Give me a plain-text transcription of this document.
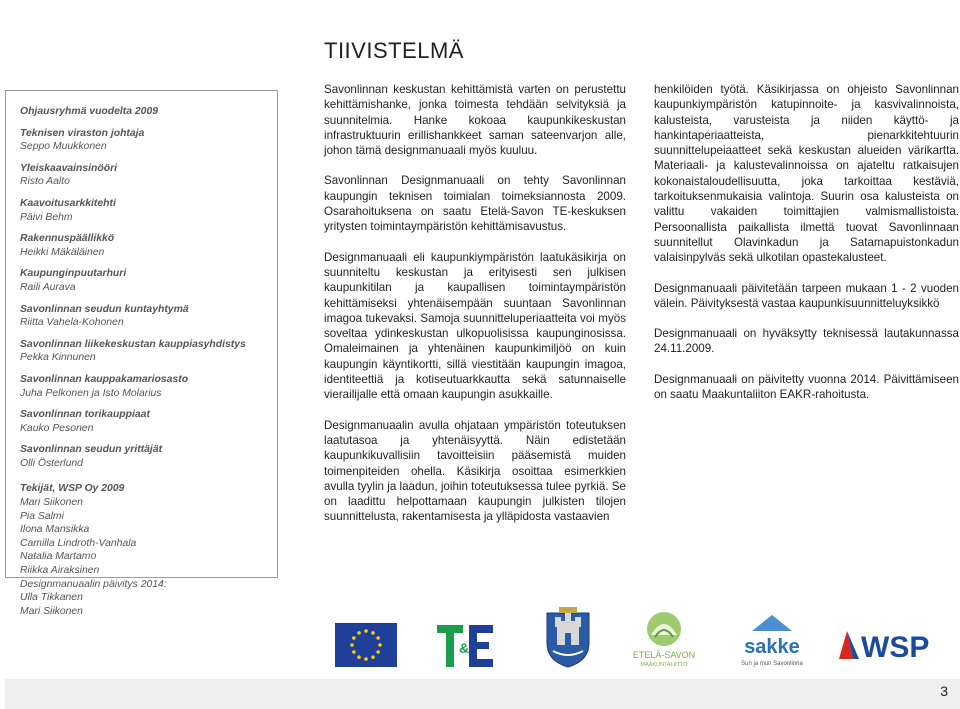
TIIVISTELMÄ

Ohjausryhmä vuodelta 2009

Teknisen viraston johtaja

Seppo Muukkonen

Yleiskaavainsinööri

Risto Aalto

Kaavoitusarkkitehti

Päivi Behm

Rakennuspäällikkö

Heikki Mäkäläinen

Kaupunginpuutarhuri

Raili Aurava

Savonlinnan seudun kuntayhtymä

Riitta Vahela-Kohonen

Savonlinnan liikekeskustan kauppiasyhdistys

Pekka Kinnunen

Savonlinnan kauppakamariosasto

Juha Pelkonen ja Isto Molarius

Savonlinnan torikauppiaat

Kauko Pesonen

Savonlinnan seudun yrittäjät

Olli Österlund

Tekijät, WSP Oy 2009

Mari Siikonen

Pia Salmi

Ilona Mansikka

Camilla Lindroth-Vanhala

Natalia Martamo

Riikka Airaksinen

Designmanuaalin päivitys 2014:

Ulla Tikkanen

Mari Siikonen

Savonlinnan keskustan kehittämistä varten on perustettu kehittämishanke, jonka toimesta tehdään selvityksiä ja suunnitelmia. Hanke kokoaa kaupunkikeskustan infrastruktuurin erillishankkeet saman sateenvarjon alle, johon tämä designmanuaali myös kuuluu.

Savonlinnan Designmanuaali on tehty Savonlinnan kaupungin teknisen toimialan toimeksiannosta 2009. Osarahoituksena on saatu Etelä-Savon TE-keskuksen yritysten toimintaympäristön kehittämisavustus.

Designmanuaali eli kaupunkiympäristön laatukäsikirja on suunniteltu keskustan ja erityisesti sen julkisen kaupunkitilan ja kaupallisen toimintaympäristön kehittämiseksi yhtenäisempään suuntaan Savonlinnan imagoa tukevaksi. Samoja suunnitteluperiaatteita voi myös soveltaa ydinkeskustan ulkopuolisissa kaupunginosissa. Omaleimainen ja yhtenäinen kaupunkimiljöö on kuin kaupungin käyntikortti, sillä viestitään kaupungin imagoa, identiteettiä ja kotiseutuarkkautta sekä satunnaiselle vierailijalle että omaan kaupungin asukkaille.

Designmanuaalin avulla ohjataan ympäristön toteutuksen laatutasoa ja yhtenäisyyttä. Näin edistetään kaupunkikuvallisiin tavoitteisiin pääsemistä muiden toimenpiteiden ohella. Käsikirja osoittaa esimerkkien avulla tyylin ja laadun, joihin toteutuksessa tulee pyrkiä. Se on laadittu helpottamaan kaupungin julkisten tilojen suunnittelusta, rakentamisesta ja ylläpidosta vastaavien

henkilöiden työtä. Käsikirjassa on ohjeisto Savonlinnan kaupunkiympäristön katupinnoite- ja kasvivalinnoista, kalusteista, varusteista ja niiden käyttö- ja hankintaperiaatteista, pienarkkitehtuurin suunnittelupeiaatteet sekä keskustan alueiden värikartta. Materiaali- ja kalustevalinnoissa on ajateltu ratkaisujen kokonaistaloudellisuutta, joka tarkoittaa kestäviä, tarkoituksenmukaisia valintoja. Suurin osa kalusteista on valittu vakaiden toimittajien valmismallistoista. Persoonallista paikallista ilmettä tuovat Savonlinnaan suunnitellut Olavinkadun ja Satamapuistonkadun valaisinpylväs sekä ulkotilan opastekalusteet.

Designmanuaali päivitetään tarpeen mukaan 1 - 2 vuoden välein. Päivityksestä vastaa kaupunkisuunnitteluyksikkö

Designmanuaali on hyväksytty teknisessä lautakunnassa 24.11.2009.

Designmanuaali on päivitetty vuonna 2014. Päivittämiseen on saatu Maakuntaliiton EAKR-rahoitusta.

&	ETELÄ-SAVON
MAAKUNTALIITTO
sakke
Sun ja mun Savonlinna WSP
3
